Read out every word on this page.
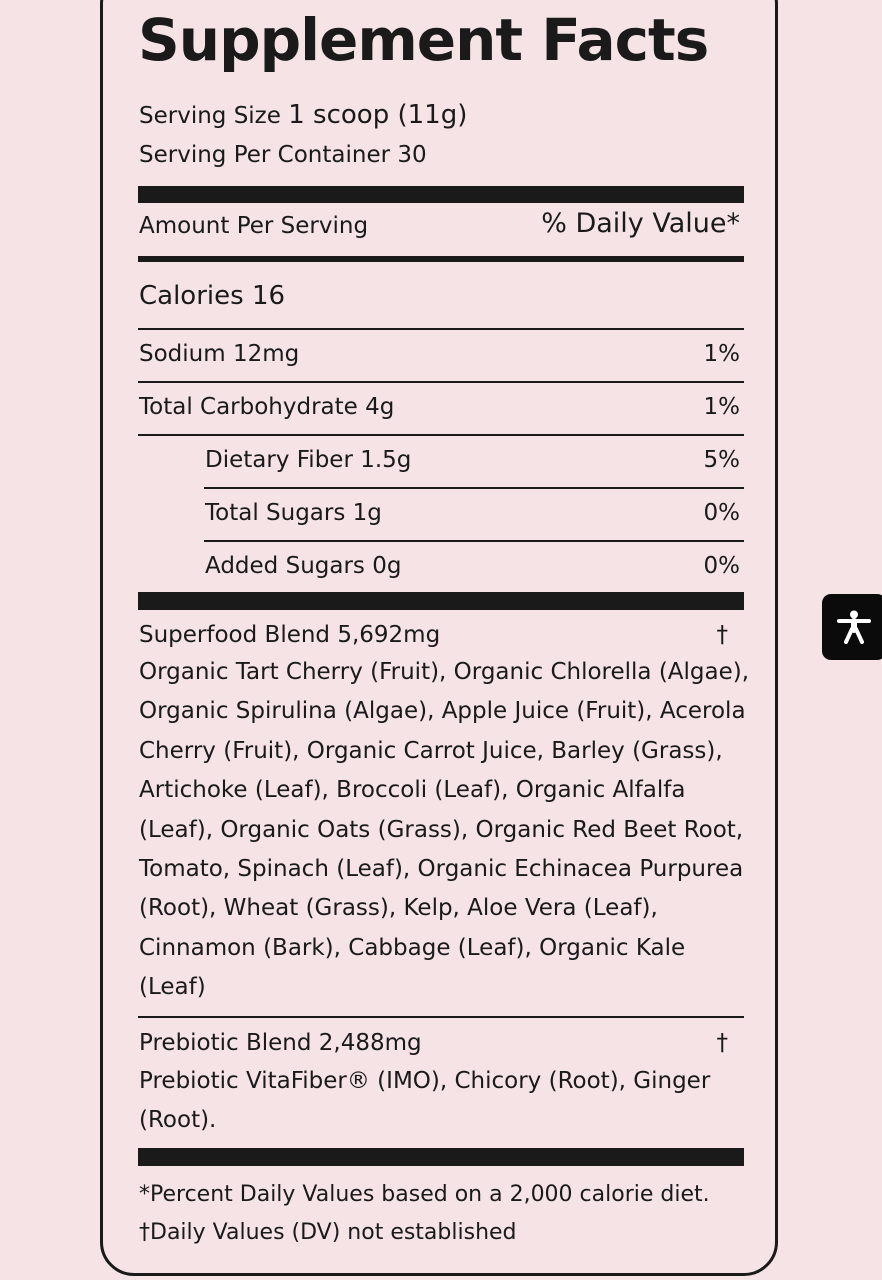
Supplement Facts
Serving Size 1 scoop (11g)
Serving Per Container 30
Amount Per Serving	% Daily Value*
Calories 16
Sodium 12mg	1%
Total Carbohydrate 4g	1%
Dietary Fiber 1.5g	5%
Total Sugars 1g	0%
Added Sugars 0g	0%
Superfood Blend 5,692mg	†
Organic Tart Cherry (Fruit), Organic Chlorella (Algae), Organic Spirulina (Algae), Apple Juice (Fruit), Acerola Cherry (Fruit), Organic Carrot Juice, Barley (Grass), Artichoke (Leaf), Broccoli (Leaf), Organic Alfalfa (Leaf), Organic Oats (Grass), Organic Red Beet Root, Tomato, Spinach (Leaf), Organic Echinacea Purpurea (Root), Wheat (Grass), Kelp, Aloe Vera (Leaf), Cinnamon (Bark), Cabbage (Leaf), Organic Kale (Leaf)
Prebiotic Blend 2,488mg	†
Prebiotic VitaFiber® (IMO), Chicory (Root), Ginger (Root).
*Percent Daily Values based on a 2,000 calorie diet.
†Daily Values (DV) not established
